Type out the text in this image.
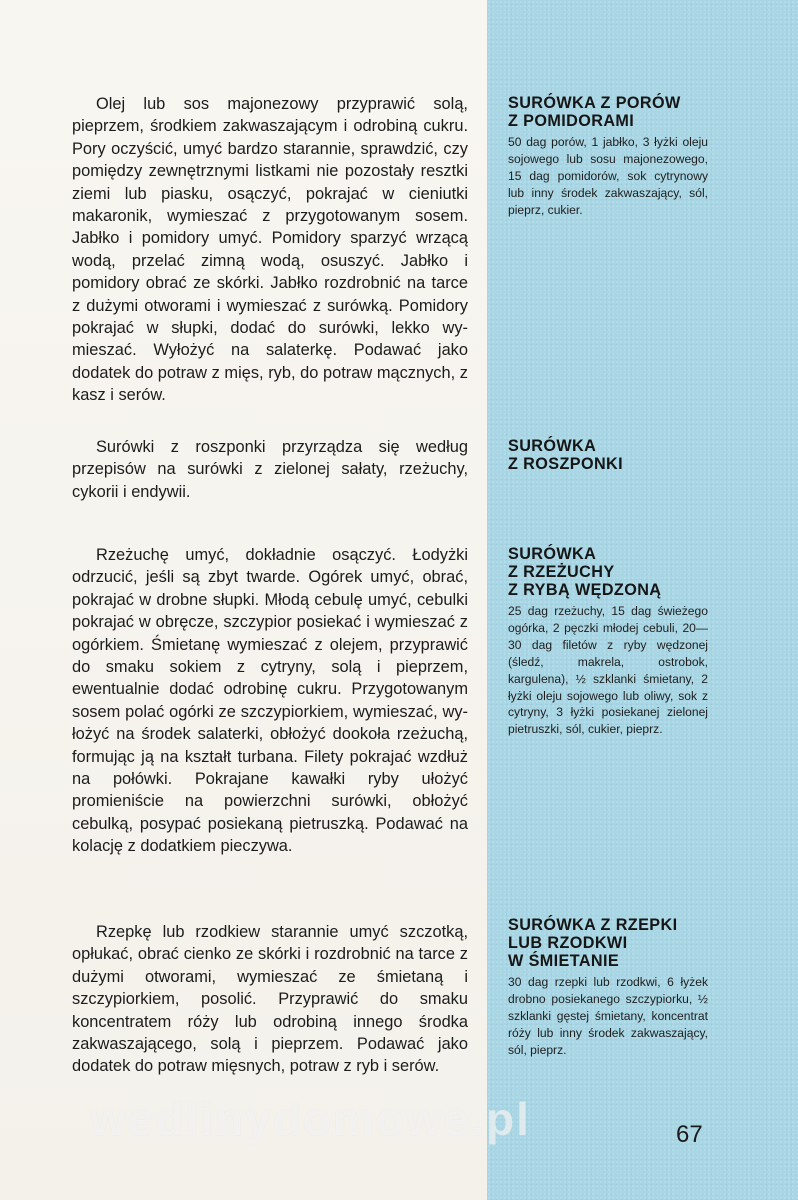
Olej lub sos majonezowy przyprawić solą, pieprzem, środkiem zakwaszającym i odrobiną cukru. Pory oczyścić, umyć bardzo starannie, sprawdzić, czy pomiędzy zewnętrznymi listkami nie pozostały resztki ziemi lub piasku, osączyć, pokrajać w cieniutki makaronik, wymieszać z przygotowanym sosem. Jabłko i pomidory umyć. Pomidory sparzyć wrzącą wodą, przelać zimną wodą, osuszyć. Jabłko i pomidory obrać ze skórki. Jabłko rozdrobnić na tarce z dużymi otworami i wymieszać z surówką. Pomidory pokrajać w słupki, dodać do surówki, lekko wymieszać. Wyłożyć na salaterkę. Podawać jako dodatek do potraw z mięs, ryb, do potraw mącznych, z kasz i serów.

Surówki z roszponki przyrządza się według przepisów na surówki z zielonej sałaty, rzeżuchy, cykorii i endywii.

Rzeżuchę umyć, dokładnie osączyć. Łodyżki odrzucić, jeśli są zbyt twarde. Ogórek umyć, obrać, pokrajać w drobne słupki. Młodą cebulę umyć, cebulki pokrajać w obręcze, szczypior posiekać i wymieszać z ogórkiem. Śmietanę wymieszać z olejem, przyprawić do smaku sokiem z cytryny, solą i pieprzem, ewentualnie dodać odrobinę cukru. Przygotowanym sosem polać ogórki ze szczypiorkiem, wymieszać, wyłożyć na środek salaterki, obłożyć dookoła rzeżuchą, formując ją na kształt turbana. Filety pokrajać wzdłuż na połówki. Pokrajane kawałki ryby ułożyć promieniście na powierzchni surówki, obłożyć cebulką, posypać posiekaną pietruszką. Podawać na kolację z dodatkiem pieczywa.

Rzepkę lub rzodkiew starannie umyć szczotką, opłukać, obrać cienko ze skórki i rozdrobnić na tarce z dużymi otworami, wymieszać ze śmietaną i szczypiorkiem, posolić. Przyprawić do smaku koncentratem róży lub odrobiną innego środka zakwaszającego, solą i pieprzem. Podawać jako dodatek do potraw mięsnych, potraw z ryb i serów.

SURÓWKA Z PORÓW
Z POMIDORAMI

50 dag porów, 1 jabłko, 3 łyżki oleju sojowego lub sosu majonezowego, 15 dag pomidorów, sok cytrynowy lub inny środek zakwaszający, sól, pieprz, cukier.

SURÓWKA
Z ROSZPONKI
SURÓWKA
Z RZEŻUCHY
Z RYBĄ WĘDZONĄ

25 dag rzeżuchy, 15 dag świeżego ogórka, 2 pęczki młodej cebuli, 20—30 dag filetów z ryby wędzonej (śledź, makrela, ostrobok, kargulena), ½ szklanki śmietany, 2 łyżki oleju sojowego lub oliwy, sok z cytryny, 3 łyżki posiekanej zielonej pietruszki, sól, cukier, pieprz.

SURÓWKA Z RZEPKI
LUB RZODKWI
W ŚMIETANIE

30 dag rzepki lub rzodkwi, 6 łyżek drobno posiekanego szczypiorku, ½ szklanki gęstej śmietany, koncentrat róży lub inny środek zakwaszający, sól, pieprz.

wedlinydomowe.pl	67
